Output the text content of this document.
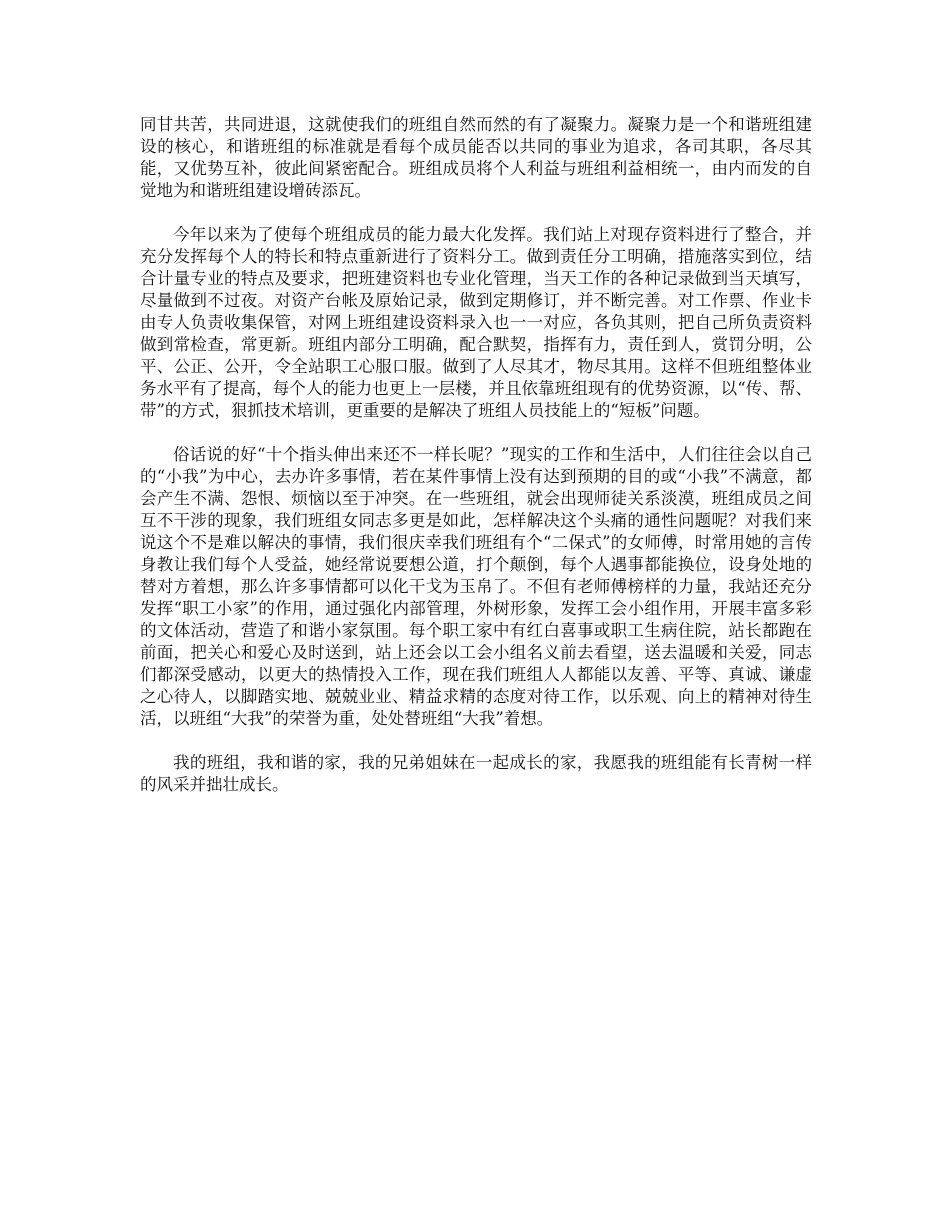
同甘共苦，共同进退，这就使我们的班组自然而然的有了凝聚力。凝聚力是一个和谐班组建设的核心，和谐班组的标准就是看每个成员能否以共同的事业为追求，各司其职，各尽其能，又优势互补，彼此间紧密配合。班组成员将个人利益与班组利益相统一，由内而发的自觉地为和谐班组建设增砖添瓦。

今年以来为了使每个班组成员的能力最大化发挥。我们站上对现存资料进行了整合，并充分发挥每个人的特长和特点重新进行了资料分工。做到责任分工明确，措施落实到位，结合计量专业的特点及要求，把班建资料也专业化管理，当天工作的各种记录做到当天填写，尽量做到不过夜。对资产台帐及原始记录，做到定期修订，并不断完善。对工作票、作业卡由专人负责收集保管，对网上班组建设资料录入也一一对应，各负其则，把自己所负责资料做到常检查，常更新。班组内部分工明确，配合默契，指挥有力，责任到人，赏罚分明，公平、公正、公开，令全站职工心服口服。做到了人尽其才，物尽其用。这样不但班组整体业务水平有了提高，每个人的能力也更上一层楼，并且依靠班组现有的优势资源，以“传、帮、带”的方式，狠抓技术培训，更重要的是解决了班组人员技能上的“短板”问题。

俗话说的好“十个指头伸出来还不一样长呢？”现实的工作和生活中，人们往往会以自己的“小我”为中心，去办许多事情，若在某件事情上没有达到预期的目的或“小我”不满意，都会产生不满、怨恨、烦恼以至于冲突。在一些班组，就会出现师徒关系淡漠，班组成员之间互不干涉的现象，我们班组女同志多更是如此，怎样解决这个头痛的通性问题呢？对我们来说这个不是难以解决的事情，我们很庆幸我们班组有个“二保式”的女师傅，时常用她的言传身教让我们每个人受益，她经常说要想公道，打个颠倒，每个人遇事都能换位，设身处地的替对方着想，那么许多事情都可以化干戈为玉帛了。不但有老师傅榜样的力量，我站还充分发挥“职工小家”的作用，通过强化内部管理，外树形象，发挥工会小组作用，开展丰富多彩的文体活动，营造了和谐小家氛围。每个职工家中有红白喜事或职工生病住院，站长都跑在前面，把关心和爱心及时送到，站上还会以工会小组名义前去看望，送去温暖和关爱，同志们都深受感动，以更大的热情投入工作，现在我们班组人人都能以友善、平等、真诚、谦虚之心待人，以脚踏实地、兢兢业业、精益求精的态度对待工作，以乐观、向上的精神对待生活，以班组“大我”的荣誉为重，处处替班组“大我”着想。

我的班组，我和谐的家，我的兄弟姐妹在一起成长的家，我愿我的班组能有长青树一样的风采并拙壮成长。
